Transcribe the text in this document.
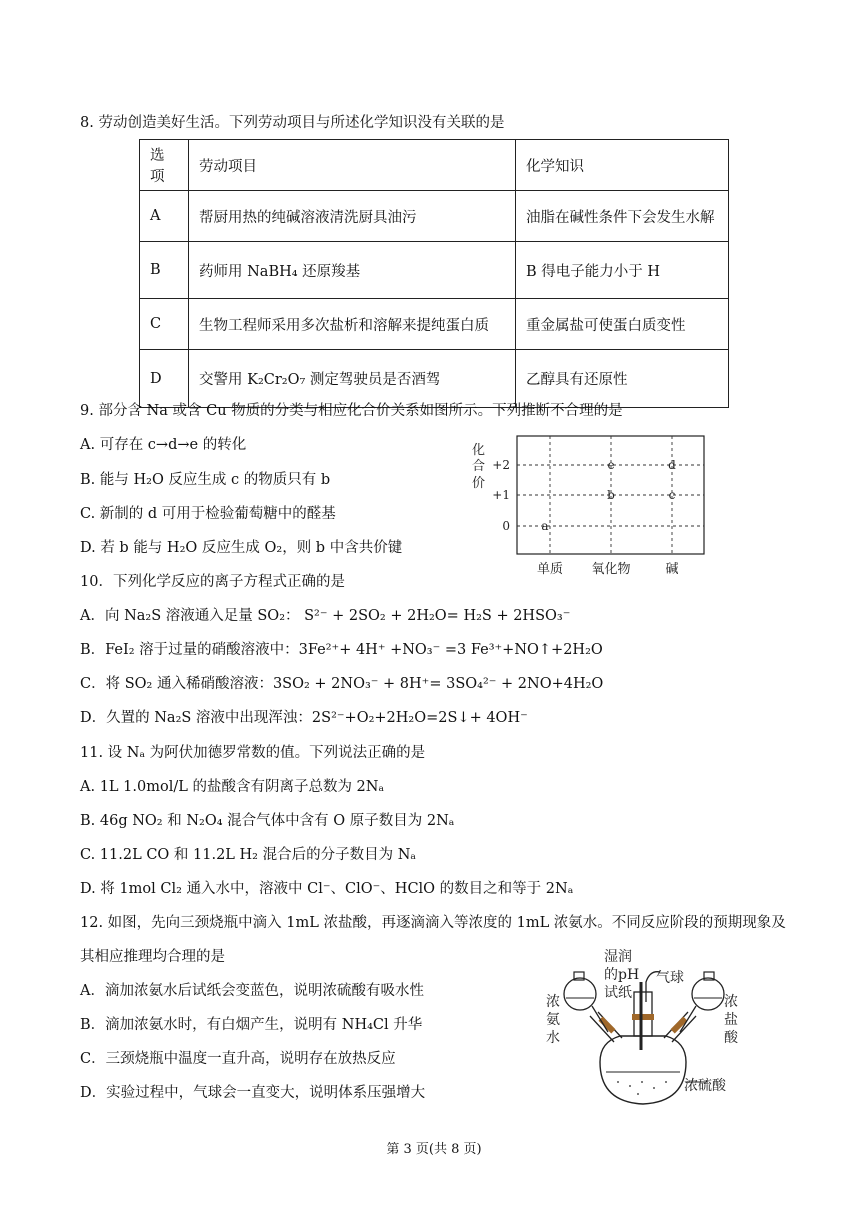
8. 劳动创造美好生活。下列劳动项目与所述化学知识没有关联的是
选项	劳动项目	化学知识
A	帮厨用热的纯碱溶液清洗厨具油污	油脂在碱性条件下会发生水解
B	药师用 NaBH₄ 还原羧基	B 得电子能力小于 H
C	生物工程师采用多次盐析和溶解来提纯蛋白质	重金属盐可使蛋白质变性
D	交警用 K₂Cr₂O₇ 测定驾驶员是否酒驾	乙醇具有还原性
9. 部分含 Na 或含 Cu 物质的分类与相应化合价关系如图所示。下列推断不合理的是
A. 可存在 c→d→e 的转化
B. 能与 H₂O 反应生成 c 的物质只有 b
C. 新制的 d 可用于检验葡萄糖中的醛基
D. 若 b 能与 H₂O 反应生成 O₂，则 b 中含共价键
化
合
价
+2
+1
0
单质 氧化物	碱
a
b	c
d
e
10．下列化学反应的离子方程式正确的是
A．向 Na₂S 溶液通入足量 SO₂： S²⁻ + 2SO₂ + 2H₂O= H₂S + 2HSO₃⁻
B．FeI₂ 溶于过量的硝酸溶液中：3Fe²⁺+ 4H⁺ +NO₃⁻ =3 Fe³⁺+NO↑+2H₂O
C．将 SO₂ 通入稀硝酸溶液：3SO₂ + 2NO₃⁻ + 8H⁺= 3SO₄²⁻ + 2NO+4H₂O
D．久置的 Na₂S 溶液中出现浑浊：2S²⁻+O₂+2H₂O=2S↓+ 4OH⁻
11. 设 Nₐ 为阿伏加德罗常数的值。下列说法正确的是
A. 1L 1.0mol/L 的盐酸含有阴离子总数为 2Nₐ
B. 46g NO₂ 和 N₂O₄ 混合气体中含有 O 原子数目为 2Nₐ
C. 11.2L CO 和 11.2L H₂ 混合后的分子数目为 Nₐ
D. 将 1mol Cl₂ 通入水中，溶液中 Cl⁻、ClO⁻、HClO 的数目之和等于 2Nₐ
12. 如图，先向三颈烧瓶中滴入 1mL 浓盐酸，再逐滴滴入等浓度的 1mL 浓氨水。不同反应阶段的预期现象及
其相应推理均合理的是
A．滴加浓氨水后试纸会变蓝色，说明浓硫酸有吸水性
B．滴加浓氨水时，有白烟产生，说明有 NH₄Cl 升华
C．三颈烧瓶中温度一直升高，说明存在放热反应
D．实验过程中，气球会一直变大，说明体系压强增大
湿润
的pH
试纸
气球
浓硫酸
浓
氨
水
浓
盐
酸
第 3 页(共 8 页)
